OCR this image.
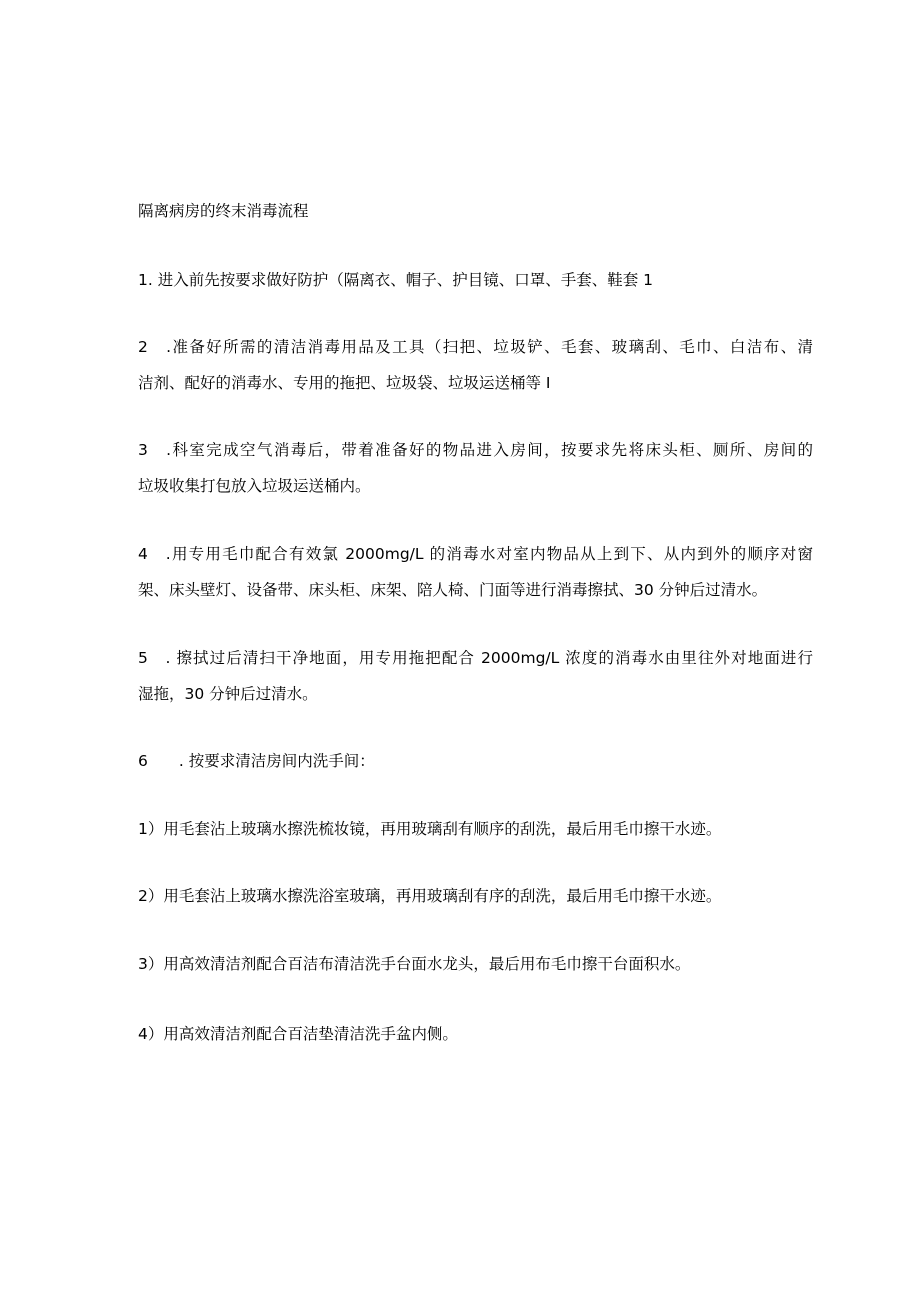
隔离病房的终末消毒流程
1. 进入前先按要求做好防护（隔离衣、帽子、护目镜、口罩、手套、鞋套 1
2　.准备好所需的清洁消毒用品及工具（扫把、垃圾铲、毛套、玻璃刮、毛巾、白洁布、清
洁剂、配好的消毒水、专用的拖把、垃圾袋、垃圾运送桶等 I
3　.科室完成空气消毒后，带着准备好的物品进入房间，按要求先将床头柜、厕所、房间的
垃圾收集打包放入垃圾运送桶内。
4　.用专用毛巾配合有效氯 2000mg/L 的消毒水对室内物品从上到下、从内到外的顺序对窗
架、床头壁灯、设备带、床头柜、床架、陪人椅、门面等进行消毒擦拭、30 分钟后过清水。
5　. 擦拭过后清扫干净地面，用专用拖把配合 2000mg/L 浓度的消毒水由里往外对地面进行
湿拖，30 分钟后过清水。
6　　. 按要求清洁房间内洗手间：
1）用毛套沾上玻璃水擦洗梳妆镜，再用玻璃刮有顺序的刮洗，最后用毛巾擦干水迹。
2）用毛套沾上玻璃水擦洗浴室玻璃，再用玻璃刮有序的刮洗，最后用毛巾擦干水迹。
3）用高效清洁剂配合百洁布清洁洗手台面水龙头，最后用布毛巾擦干台面积水。
4）用高效清洁剂配合百洁垫清洁洗手盆内侧。
